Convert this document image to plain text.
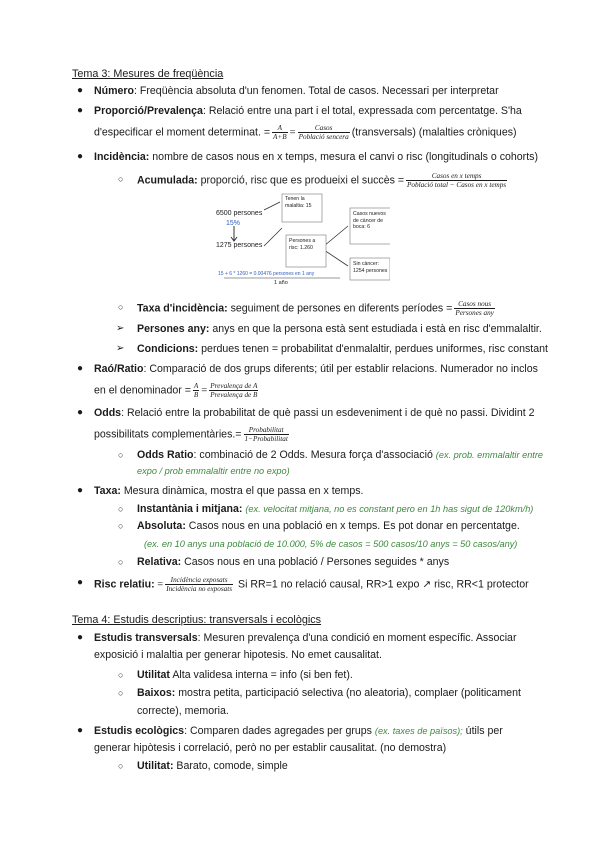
Tema 3: Mesures de freqüència
● Número: Freqüència absoluta d'un fenomen. Total de casos. Necessari per interpretar
● Proporció/Prevalença: Relació entre una part i el total, expressada com percentatge. S'ha
d'especificar el moment determinat. = $\frac{A}{A+B} = \frac{\text{Casos}}{\text{Població sencera}}$ (transversals) (malalties cròniques)
● Incidència: nombre de casos nous en x temps, mesura el canvi o risc (longitudinals o cohorts)
○ Acumulada: proporció, risc que es produeixi el succès = $\frac{\text{Casos en x temps}}{\text{Població total − Casos en x temps}}$
6500 persones
15%
1275 persones
Tenen la malaltia: 15
Persones a risc: 1.260
Casos nuevos de càncer de boca: 6
Sin càncer: 1254 persones
15 + 6 * 1260 = 0.00476 persones en 1 any
1 año
○ Taxa d'incidència: seguiment de persones en diferents períodes = $\frac{\text{Casos nous}}{\text{Persones any}}$
➢ Persones any: anys en que la persona està sent estudiada i està en risc d'emmalaltir.
➢ Condicions: perdues tenen = probabilitat d'enmalaltir, perdues uniformes, risc constant
● Raó/Ratio: Comparació de dos grups diferents; útil per establir relacions. Numerador no inclos
en el denominador = $\frac{A}{B} = \frac{\text{Prevalença de A}}{\text{Prevalença de B}}$
● Odds: Relació entre la probabilitat de què passi un esdeveniment i de què no passi. Dividint 2
possibilitats complementàries.= $\frac{\text{Probabilitat}}{\text{1−Probabilitat}}$
○ Odds Ratio: combinació de 2 Odds. Mesura força d'associació (ex. prob. emmalaltir entre
expo / prob emmalaltir entre no expo)
● Taxa: Mesura dinàmica, mostra el que passa en x temps.
○ Instantània i mitjana: (ex. velocitat mitjana, no es constant pero en 1h has sigut de 120km/h)
○ Absoluta: Casos nous en una població en x temps. Es pot donar en percentatge.
(ex. en 10 anys una població de 10.000, 5% de casos = 500 casos/10 anys = 50 casos/any)
○ Relativa: Casos nous en una població / Persones seguides * anys
● Risc relatiu: = $\frac{\text{Incidència exposats}}{\text{Incidència no exposats}}$ Si RR=1 no relació causal, RR>1 expo ↗ risc, RR<1 protector
Tema 4: Estudis descriptius: transversals i ecològics
● Estudis transversals: Mesuren prevalença d'una condició en moment específic. Associar
exposició i malaltia per generar hipotesis. No emet causalitat.
○ Utilitat Alta validesa interna = info (si ben fet).
○ Baixos: mostra petita, participació selectiva (no aleatoria), complaer (politicament
correcte), memoria.
● Estudis ecològics: Comparen dades agregades per grups (ex. taxes de països); útils per
generar hipòtesis i correlació, però no per establir causalitat. (no demostra)
○ Utilitat: Barato, comode, simple
